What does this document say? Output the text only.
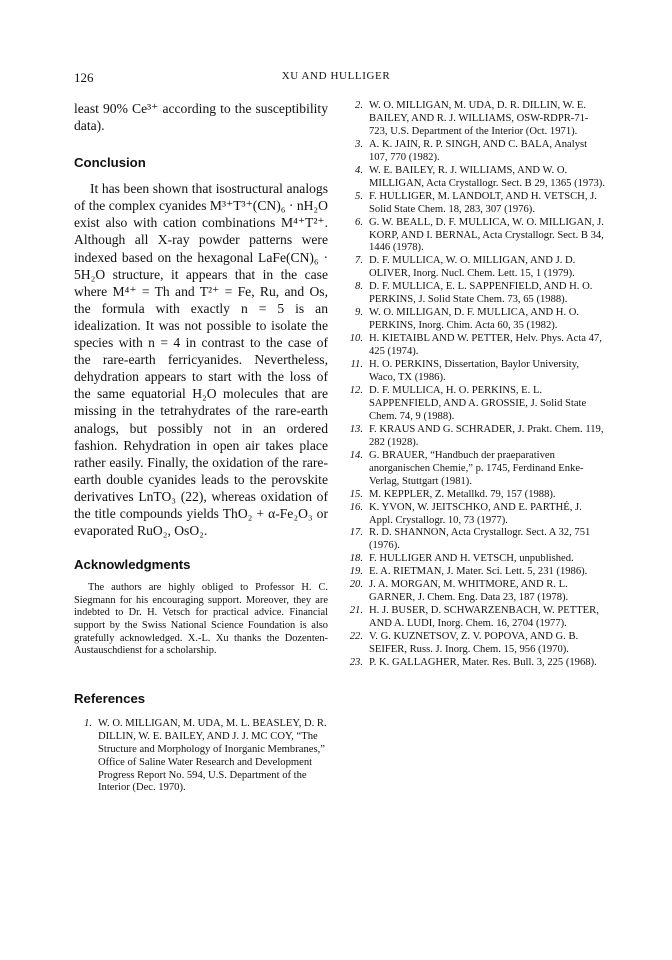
126	XU AND HULLIGER

least 90% Ce³⁺ according to the susceptibility data).

Conclusion

It has been shown that isostructural analogs of the complex cyanides M³⁺T³⁺(CN)₆ · nH₂O exist also with cation combinations M⁴⁺T²⁺. Although all X-ray powder patterns were indexed based on the hexagonal LaFe(CN)₆ · 5H₂O structure, it appears that in the case where M⁴⁺ = Th and T²⁺ = Fe, Ru, and Os, the formula with exactly n = 5 is an idealization. It was not possible to isolate the species with n = 4 in contrast to the case of the rare-earth ferricyanides. Nevertheless, dehydration appears to start with the loss of the same equatorial H₂O molecules that are missing in the tetrahydrates of the rare-earth analogs, but possibly not in an ordered fashion. Rehydration in open air takes place rather easily. Finally, the oxidation of the rare-earth double cyanides leads to the perovskite derivatives LnTO₃ (22), whereas oxidation of the title compounds yields ThO₂ + α-Fe₂O₃ or evaporated RuO₂, OsO₂.

Acknowledgments

The authors are highly obliged to Professor H. C. Siegmann for his encouraging support. Moreover, they are indebted to Dr. H. Vetsch for practical advice. Financial support by the Swiss National Science Foundation is also gratefully acknowledged. X.-L. Xu thanks the Dozenten-Austauschdienst for a scholarship.

References
1. W. O. MILLIGAN, M. UDA, M. L. BEASLEY, D. R. DILLIN, W. E. BAILEY, AND J. J. MC COY, “The Structure and Morphology of Inorganic Membranes,” Office of Saline Water Research and Development Progress Report No. 594, U.S. Department of the Interior (Dec. 1970).
2. W. O. MILLIGAN, M. UDA, D. R. DILLIN, W. E. BAILEY, AND R. J. WILLIAMS, OSW-RDPR-71-723, U.S. Department of the Interior (Oct. 1971).
3. A. K. JAIN, R. P. SINGH, AND C. BALA, Analyst 107, 770 (1982).
4. W. E. BAILEY, R. J. WILLIAMS, AND W. O. MILLIGAN, Acta Crystallogr. Sect. B 29, 1365 (1973).
5. F. HULLIGER, M. LANDOLT, AND H. VETSCH, J. Solid State Chem. 18, 283, 307 (1976).
6. G. W. BEALL, D. F. MULLICA, W. O. MILLIGAN, J. KORP, AND I. BERNAL, Acta Crystallogr. Sect. B 34, 1446 (1978).
7. D. F. MULLICA, W. O. MILLIGAN, AND J. D. OLIVER, Inorg. Nucl. Chem. Lett. 15, 1 (1979).
8. D. F. MULLICA, E. L. SAPPENFIELD, AND H. O. PERKINS, J. Solid State Chem. 73, 65 (1988).
9. W. O. MILLIGAN, D. F. MULLICA, AND H. O. PERKINS, Inorg. Chim. Acta 60, 35 (1982).
10. H. KIETAIBL AND W. PETTER, Helv. Phys. Acta 47, 425 (1974).
11. H. O. PERKINS, Dissertation, Baylor University, Waco, TX (1986).
12. D. F. MULLICA, H. O. PERKINS, E. L. SAPPENFIELD, AND A. GROSSIE, J. Solid State Chem. 74, 9 (1988).
13. F. KRAUS AND G. SCHRADER, J. Prakt. Chem. 119, 282 (1928).
14. G. BRAUER, “Handbuch der praeparativen anorganischen Chemie,” p. 1745, Ferdinand Enke-Verlag, Stuttgart (1981).
15. M. KEPPLER, Z. Metallkd. 79, 157 (1988).
16. K. YVON, W. JEITSCHKO, AND E. PARTHÉ, J. Appl. Crystallogr. 10, 73 (1977).
17. R. D. SHANNON, Acta Crystallogr. Sect. A 32, 751 (1976).
18. F. HULLIGER AND H. VETSCH, unpublished.
19. E. A. RIETMAN, J. Mater. Sci. Lett. 5, 231 (1986).
20. J. A. MORGAN, M. WHITMORE, AND R. L. GARNER, J. Chem. Eng. Data 23, 187 (1978).
21. H. J. BUSER, D. SCHWARZENBACH, W. PETTER, AND A. LUDI, Inorg. Chem. 16, 2704 (1977).
22. V. G. KUZNETSOV, Z. V. POPOVA, AND G. B. SEIFER, Russ. J. Inorg. Chem. 15, 956 (1970).
23. P. K. GALLAGHER, Mater. Res. Bull. 3, 225 (1968).
